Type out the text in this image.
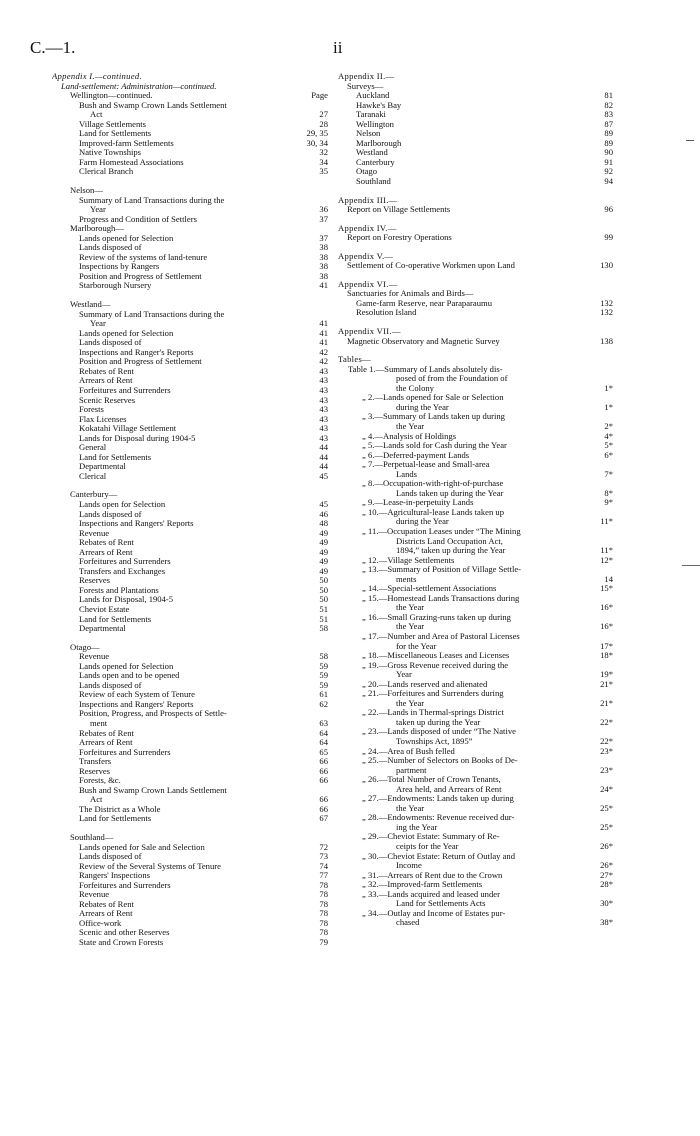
C.—1.	ii
Appendix I.—continued.
Land-settlement: Administration—continued.
Wellington—continued.	Page
Bush and Swamp Crown Lands Settlement
Act	27
Village Settlements	28
Land for Settlements	29, 35
Improved-farm Settlements	30, 34
Native Townships	32
Farm Homestead Associations	34
Clerical Branch	35
Nelson—
Summary of Land Transactions during the
Year	36
Progress and Condition of Settlers	37
Marlborough—
Lands opened for Selection	37
Lands disposed of	38
Review of the systems of land-tenure	38
Inspections by Rangers	38
Position and Progress of Settlement	38
Starborough Nursery	41
Westland—
Summary of Land Transactions during the
Year	41
Lands opened for Selection	41
Lands disposed of	41
Inspections and Ranger's Reports	42
Position and Progress of Settlement	42
Rebates of Rent	43
Arrears of Rent	43
Forfeitures and Surrenders	43
Scenic Reserves	43
Forests	43
Flax Licenses	43
Kokatahi Village Settlement	43
Lands for Disposal during 1904-5	43
General	44
Land for Settlements	44
Departmental	44
Clerical	45
Canterbury—
Lands open for Selection	45
Lands disposed of	46
Inspections and Rangers' Reports	48
Revenue	49
Rebates of Rent	49
Arrears of Rent	49
Forfeitures and Surrenders	49
Transfers and Exchanges	49
Reserves	50
Forests and Plantations	50
Lands for Disposal, 1904-5	50
Cheviot Estate	51
Land for Settlements	51
Departmental	58
Otago—
Revenue	58
Lands opened for Selection	59
Lands open and to be opened	59
Lands disposed of	59
Review of each System of Tenure	61
Inspections and Rangers' Reports	62
Position, Progress, and Prospects of Settle-
ment	63
Rebates of Rent	64
Arrears of Rent	64
Forfeitures and Surrenders	65
Transfers	66
Reserves	66
Forests, &c.	66
Bush and Swamp Crown Lands Settlement
Act	66
The District as a Whole	66
Land for Settlements	67
Southland—
Lands opened for Sale and Selection	72
Lands disposed of	73
Review of the Several Systems of Tenure	74
Rangers' Inspections	77
Forfeitures and Surrenders	78
Revenue	78
Rebates of Rent	78
Arrears of Rent	78
Office-work	78
Scenic and other Reserves	78
State and Crown Forests	79
Appendix II.—
Surveys—
Auckland	81
Hawke's Bay	82
Taranaki	83
Wellington	87
Nelson	89
Marlborough	89
Westland	90
Canterbury	91
Otago	92
Southland	94
Appendix III.—
Report on Village Settlements	96
Appendix IV.—
Report on Forestry Operations	99
Appendix V.—
Settlement of Co-operative Workmen upon Land	130
Appendix VI.—
Sanctuaries for Animals and Birds—
Game-farm Reserve, near Paraparaumu	132
Resolution Island	132
Appendix VII.—
Magnetic Observatory and Magnetic Survey	138
Tables—
Table 1.—Summary of Lands absolutely dis-
posed of from the Foundation of
the Colony	1*
„ 2.—Lands opened for Sale or Selection
during the Year	1*
„ 3.—Summary of Lands taken up during
the Year	2*
„ 4.—Analysis of Holdings	4*
„ 5.—Lands sold for Cash during the Year	5*
„ 6.—Deferred-payment Lands	6*
„ 7.—Perpetual-lease and Small-area
Lands	7*
„ 8.—Occupation-with-right-of-purchase
Lands taken up during the Year	8*
„ 9.—Lease-in-perpetuity Lands	9*
„ 10.—Agricultural-lease Lands taken up
during the Year	11*
„ 11.—Occupation Leases under “The Mining
Districts Land Occupation Act,
1894,” taken up during the Year	11*
„ 12.—Village Settlements	12*
„ 13.—Summary of Position of Village Settle-
ments	14
„ 14.—Special-settlement Associations	15*
„ 15.—Homestead Lands Transactions during
the Year	16*
„ 16.—Small Grazing-runs taken up during
the Year	16*
„ 17.—Number and Area of Pastoral Licenses
for the Year	17*
„ 18.—Miscellaneous Leases and Licenses	18*
„ 19.—Gross Revenue received during the
Year	19*
„ 20.—Lands reserved and alienated	21*
„ 21.—Forfeitures and Surrenders during
the Year	21*
„ 22.—Lands in Thermal-springs District
taken up during the Year	22*
„ 23.—Lands disposed of under “The Native
Townships Act, 1895”	22*
„ 24.—Area of Bush felled	23*
„ 25.—Number of Selectors on Books of De-
partment	23*
„ 26.—Total Number of Crown Tenants,
Area held, and Arrears of Rent	24*
„ 27.—Endowments: Lands taken up during
the Year	25*
„ 28.—Endowments: Revenue received dur-
ing the Year	25*
„ 29.—Cheviot Estate: Summary of Re-
ceipts for the Year	26*
„ 30.—Cheviot Estate: Return of Outlay and
Income	26*
„ 31.—Arrears of Rent due to the Crown	27*
„ 32.—Improved-farm Settlements	28*
„ 33.—Lands acquired and leased under
Land for Settlements Acts	30*
„ 34.—Outlay and Income of Estates pur-
chased	38*
